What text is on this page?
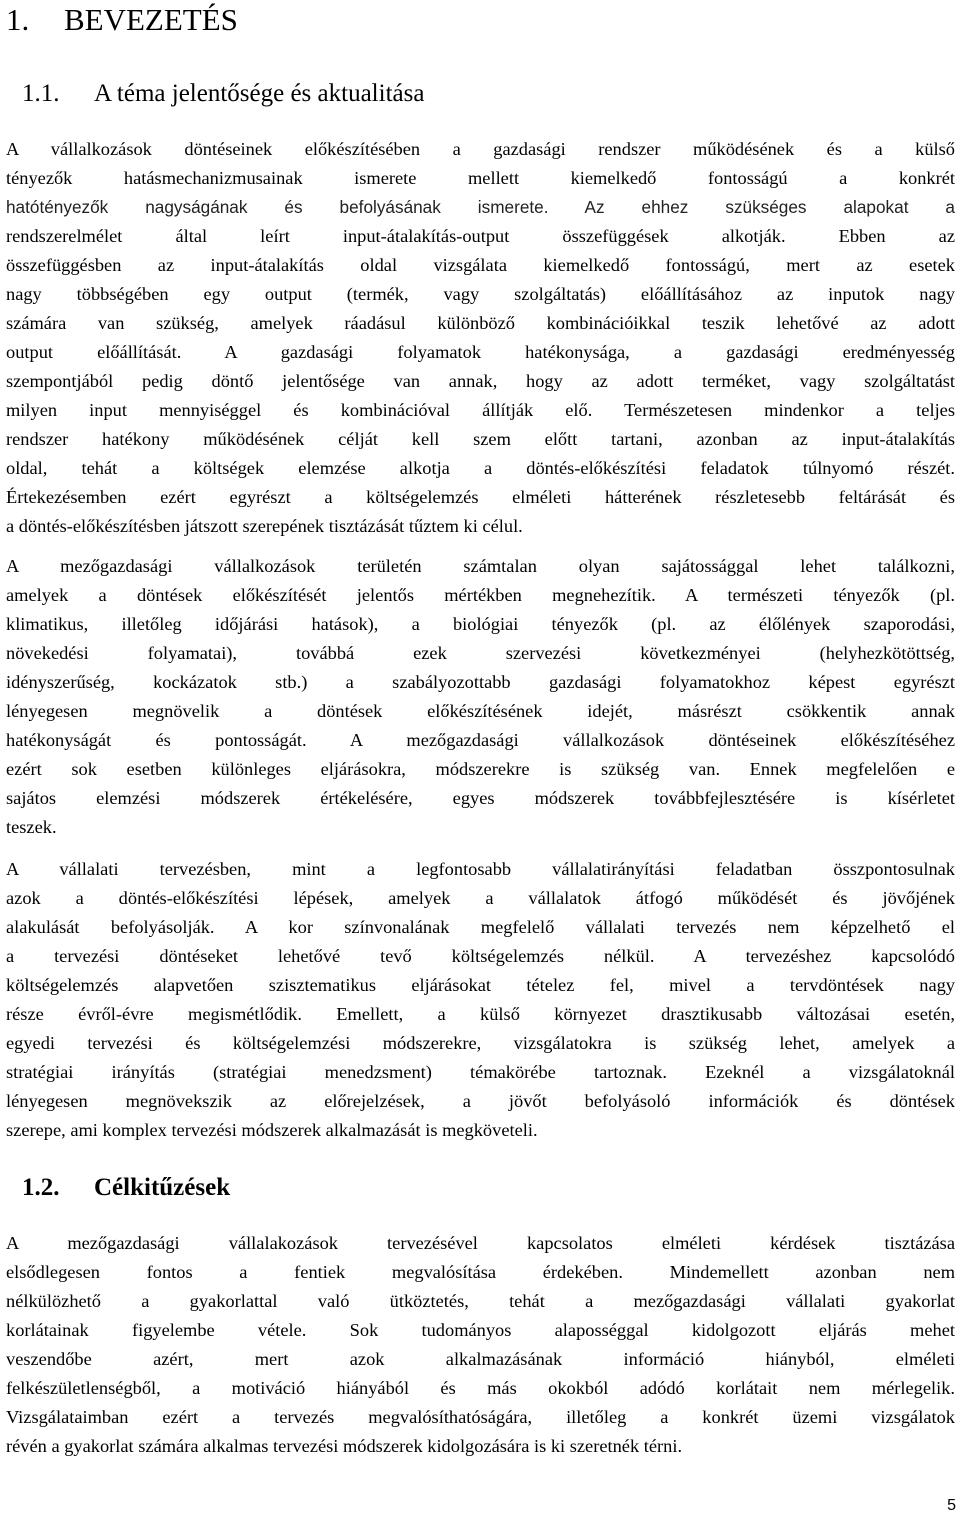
1. BEVEZETÉS
1.1. A téma jelentősége és aktualitása
A vállalkozások döntéseinek előkészítésében a gazdasági rendszer működésének és a külső
tényezők hatásmechanizmusainak ismerete mellett kiemelkedő fontosságú a konkrét
hatótényezők nagyságának és befolyásának ismerete. Az ehhez szükséges alapokat a
rendszerelmélet által leírt input-átalakítás-output összefüggések alkotják. Ebben az
összefüggésben az input-átalakítás oldal vizsgálata kiemelkedő fontosságú, mert az esetek
nagy többségében egy output (termék, vagy szolgáltatás) előállításához az inputok nagy
számára van szükség, amelyek ráadásul különböző kombinációikkal teszik lehetővé az adott
output előállítását. A gazdasági folyamatok hatékonysága, a gazdasági eredményesség
szempontjából pedig döntő jelentősége van annak, hogy az adott terméket, vagy szolgáltatást
milyen input mennyiséggel és kombinációval állítják elő. Természetesen mindenkor a teljes
rendszer hatékony működésének célját kell szem előtt tartani, azonban az input-átalakítás
oldal, tehát a költségek elemzése alkotja a döntés-előkészítési feladatok túlnyomó részét.
Értekezésemben ezért egyrészt a költségelemzés elméleti hátterének részletesebb feltárását és
a döntés-előkészítésben játszott szerepének tisztázását tűztem ki célul.
A mezőgazdasági vállalkozások területén számtalan olyan sajátossággal lehet találkozni,
amelyek a döntések előkészítését jelentős mértékben megnehezítik. A természeti tényezők (pl.
klimatikus, illetőleg időjárási hatások), a biológiai tényezők (pl. az élőlények szaporodási,
növekedési folyamatai), továbbá ezek szervezési következményei (helyhezkötöttség,
idényszerűség, kockázatok stb.) a szabályozottabb gazdasági folyamatokhoz képest egyrészt
lényegesen megnövelik a döntések előkészítésének idejét, másrészt csökkentik annak
hatékonyságát és pontosságát. A mezőgazdasági vállalkozások döntéseinek előkészítéséhez
ezért sok esetben különleges eljárásokra, módszerekre is szükség van. Ennek megfelelően e
sajátos elemzési módszerek értékelésére, egyes módszerek továbbfejlesztésére is kísérletet
teszek.
A vállalati tervezésben, mint a legfontosabb vállalatirányítási feladatban összpontosulnak
azok a döntés-előkészítési lépések, amelyek a vállalatok átfogó működését és jövőjének
alakulását befolyásolják. A kor színvonalának megfelelő vállalati tervezés nem képzelhető el
a tervezési döntéseket lehetővé tevő költségelemzés nélkül. A tervezéshez kapcsolódó
költségelemzés alapvetően szisztematikus eljárásokat tételez fel, mivel a tervdöntések nagy
része évről-évre megismétlődik. Emellett, a külső környezet drasztikusabb változásai esetén,
egyedi tervezési és költségelemzési módszerekre, vizsgálatokra is szükség lehet, amelyek a
stratégiai irányítás (stratégiai menedzsment) témakörébe tartoznak. Ezeknél a vizsgálatoknál
lényegesen megnövekszik az előrejelzések, a jövőt befolyásoló információk és döntések
szerepe, ami komplex tervezési módszerek alkalmazását is megköveteli.
1.2. Célkitűzések
A mezőgazdasági vállalakozások tervezésével kapcsolatos elméleti kérdések tisztázása
elsődlegesen fontos a fentiek megvalósítása érdekében. Mindemellett azonban nem
nélkülözhető a gyakorlattal való ütköztetés, tehát a mezőgazdasági vállalati gyakorlat
korlátainak figyelembe vétele. Sok tudományos alaposséggal kidolgozott eljárás mehet
veszendőbe azért, mert azok alkalmazásának információ hiányból, elméleti
felkészületlenségből, a motiváció hiányából és más okokból adódó korlátait nem mérlegelik.
Vizsgálataimban ezért a tervezés megvalósíthatóságára, illetőleg a konkrét üzemi vizsgálatok
révén a gyakorlat számára alkalmas tervezési módszerek kidolgozására is ki szeretnék térni.
5
